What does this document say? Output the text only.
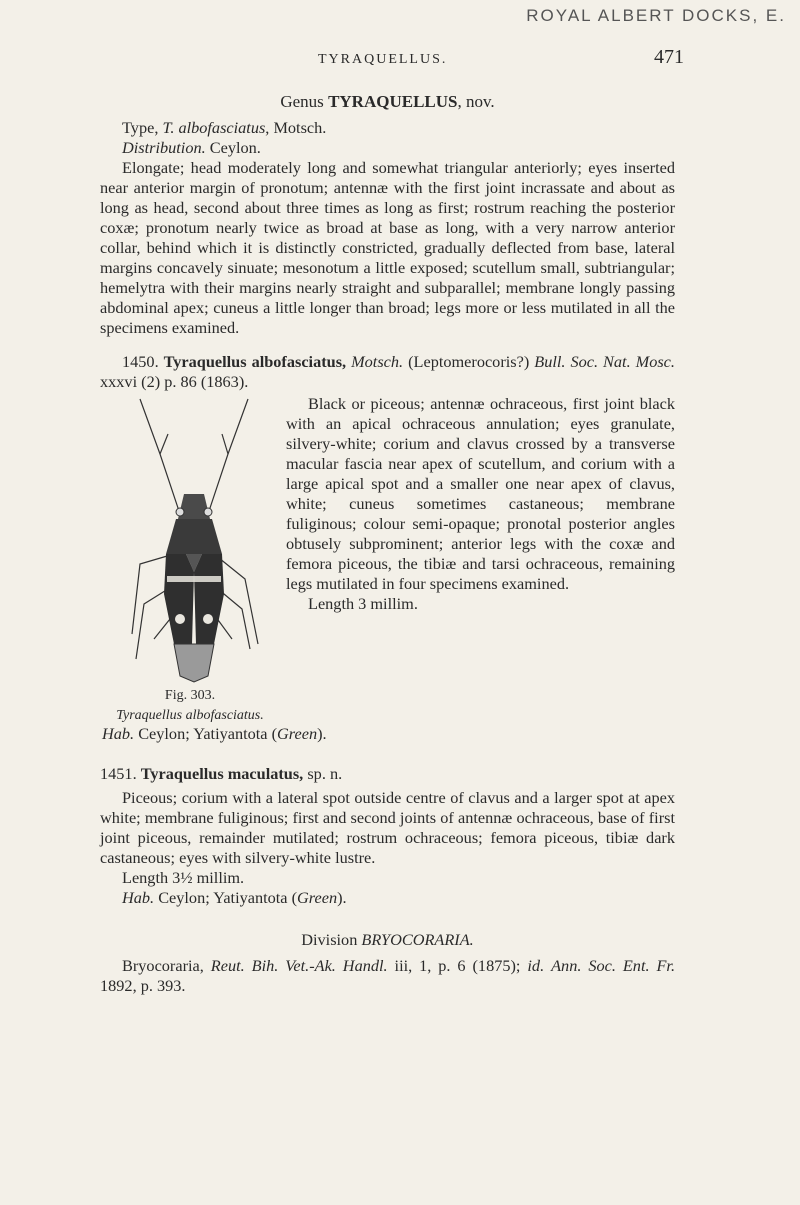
ROYAL ALBERT DOCKS, E.
TYRAQUELLUS.	471

Genus TYRAQUELLUS, nov.

Type, T. albofasciatus, Motsch.

Distribution. Ceylon.

Elongate; head moderately long and somewhat triangular anteriorly; eyes inserted near anterior margin of pronotum; antennæ with the first joint incrassate and about as long as head, second about three times as long as first; rostrum reaching the posterior coxæ; pronotum nearly twice as broad at base as long, with a very narrow anterior collar, behind which it is distinctly constricted, gradually deflected from base, lateral margins concavely sinuate; mesonotum a little exposed; scutellum small, subtriangular; hemelytra with their margins nearly straight and subparallel; membrane longly passing abdominal apex; cuneus a little longer than broad; legs more or less mutilated in all the specimens examined.

1450. Tyraquellus albofasciatus, Motsch. (Leptomerocoris?) Bull. Soc. Nat. Mosc. xxxvi (2) p. 86 (1863).

Fig. 303.
Tyraquellus albofasciatus.

Black or piceous; antennæ ochraceous, first joint black with an apical ochraceous annulation; eyes granulate, silvery-white; corium and clavus crossed by a transverse macular fascia near apex of scutellum, and corium with a large apical spot and a smaller one near apex of clavus, white; cuneus sometimes castaneous; membrane fuliginous; colour semi-opaque; pronotal posterior angles obtusely subprominent; anterior legs with the coxæ and femora piceous, the tibiæ and tarsi ochraceous, remaining legs mutilated in four specimens examined.

Length 3 millim.

Hab. Ceylon; Yatiyantota (Green).

1451. Tyraquellus maculatus, sp. n.

Piceous; corium with a lateral spot outside centre of clavus and a larger spot at apex white; membrane fuliginous; first and second joints of antennæ ochraceous, base of first joint piceous, remainder mutilated; rostrum ochraceous; femora piceous, tibiæ dark castaneous; eyes with silvery-white lustre.

Length 3½ millim.

Hab. Ceylon; Yatiyantota (Green).

Division BRYOCORARIA.

Bryocoraria, Reut. Bih. Vet.-Ak. Handl. iii, 1, p. 6 (1875); id. Ann. Soc. Ent. Fr. 1892, p. 393.
